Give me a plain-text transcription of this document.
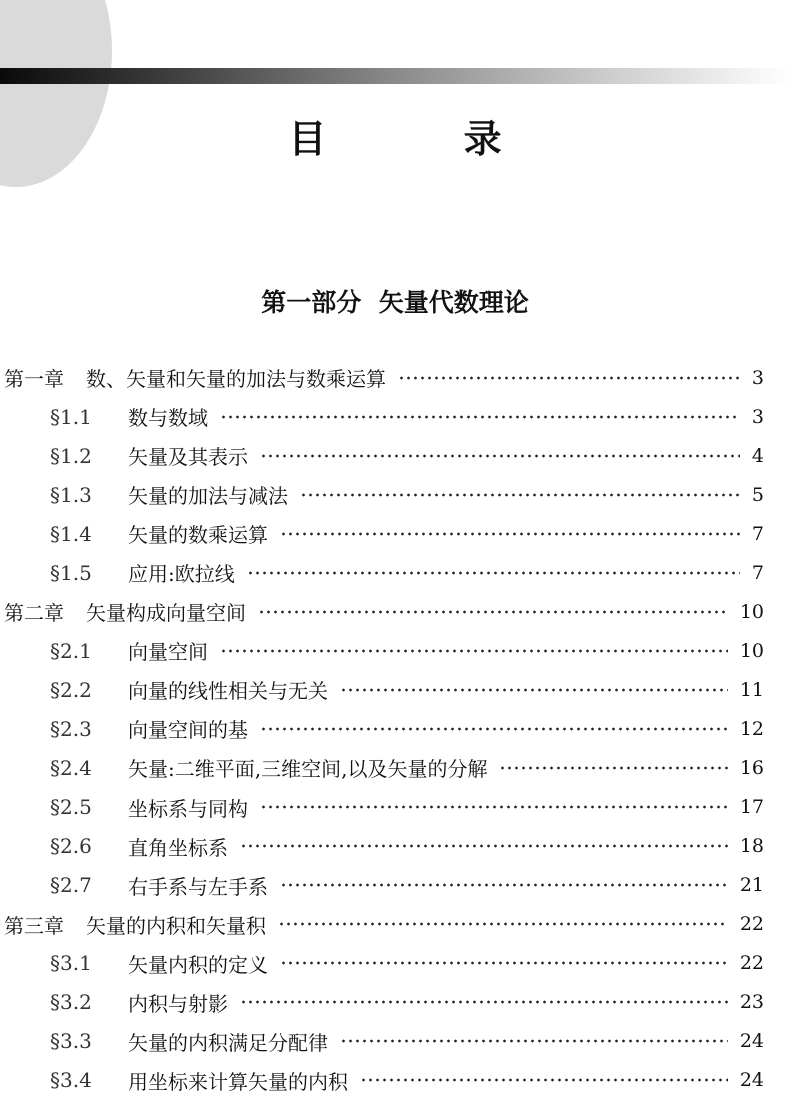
目 录
第一部分  矢量代数理论
第一章 数、矢量和矢量的加法与数乘运算	3
§1.1	数与数域	3
§1.2	矢量及其表示	4
§1.3	矢量的加法与减法	5
§1.4	矢量的数乘运算	7
§1.5	应用:欧拉线	7
第二章 矢量构成向量空间	10
§2.1	向量空间	10
§2.2	向量的线性相关与无关	11
§2.3	向量空间的基	12
§2.4	矢量:二维平面,三维空间,以及矢量的分解	16
§2.5	坐标系与同构	17
§2.6	直角坐标系	18
§2.7	右手系与左手系	21
第三章 矢量的内积和矢量积	22
§3.1	矢量内积的定义	22
§3.2	内积与射影	23
§3.3	矢量的内积满足分配律	24
§3.4	用坐标来计算矢量的内积	24
